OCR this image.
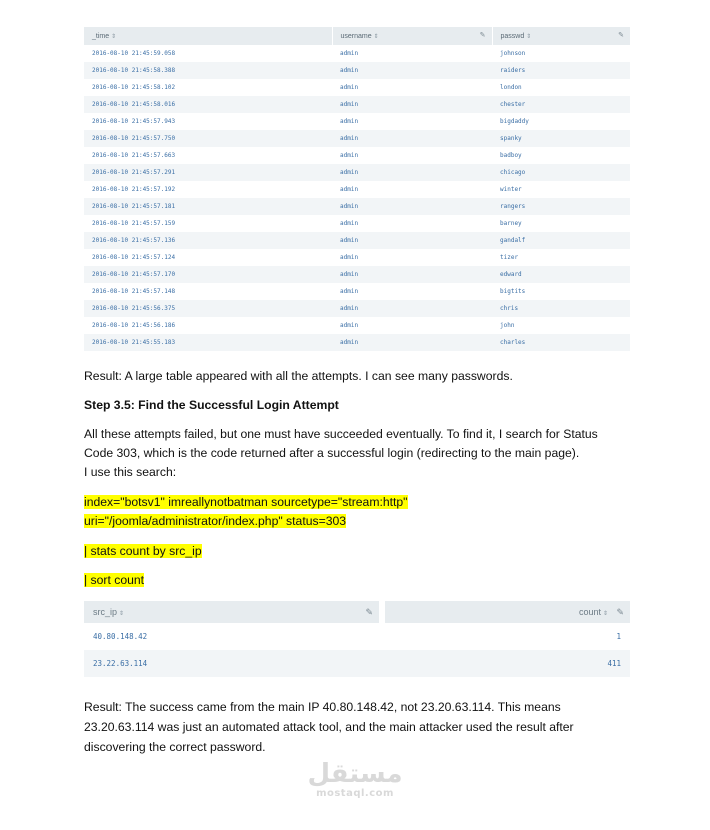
_time ⇕	username ⇕ ✎	passwd ⇕ ✎

2016-08-10 21:45:59.058	admin	johnson
2016-08-10 21:45:58.388	admin	raiders
2016-08-10 21:45:58.102	admin	london
2016-08-10 21:45:58.016	admin	chester
2016-08-10 21:45:57.943	admin	bigdaddy
2016-08-10 21:45:57.750	admin	spanky
2016-08-10 21:45:57.663	admin	badboy
2016-08-10 21:45:57.291	admin	chicago
2016-08-10 21:45:57.192	admin	winter
2016-08-10 21:45:57.181	admin	rangers
2016-08-10 21:45:57.159	admin	barney
2016-08-10 21:45:57.136	admin	gandalf
2016-08-10 21:45:57.124	admin	tizer
2016-08-10 21:45:57.170	admin	edward
2016-08-10 21:45:57.148	admin	bigtits
2016-08-10 21:45:56.375	admin	chris
2016-08-10 21:45:56.186	admin	john
2016-08-10 21:45:55.183	admin	charles

Result: A large table appeared with all the attempts. I can see many passwords.

Step 3.5: Find the Successful Login Attempt

All these attempts failed, but one must have succeeded eventually. To find it, I search for Status
Code 303, which is the code returned after a successful login (redirecting to the main page).
I use this search:

index="botsv1" imreallynotbatman sourcetype="stream:http"
uri="/joomla/administrator/index.php" status=303

| stats count by src_ip

| sort count

src_ip ⇕ ✎	count ⇕ ✎

40.80.148.42	1
23.22.63.114	411

Result: The success came from the main IP 40.80.148.42, not 23.20.63.114. This means
23.20.63.114 was just an automated attack tool, and the main attacker used the result after
discovering the correct password.

مستقل
mostaql.com
